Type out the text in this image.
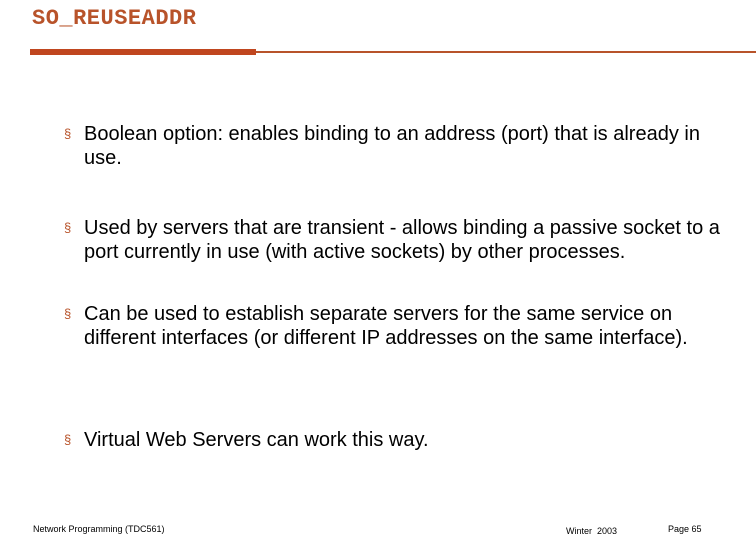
SO_REUSEADDR
§ Boolean option: enables binding to an address (port) that is already in use.
§ Used by servers that are transient - allows binding a passive socket to a port currently in use (with active sockets) by other processes.
§ Can be used to establish separate servers for the same service on different interfaces (or different IP addresses on the same interface).
§ Virtual Web Servers can work this way.
Network Programming (TDC561)	Winter  2003	Page 65
